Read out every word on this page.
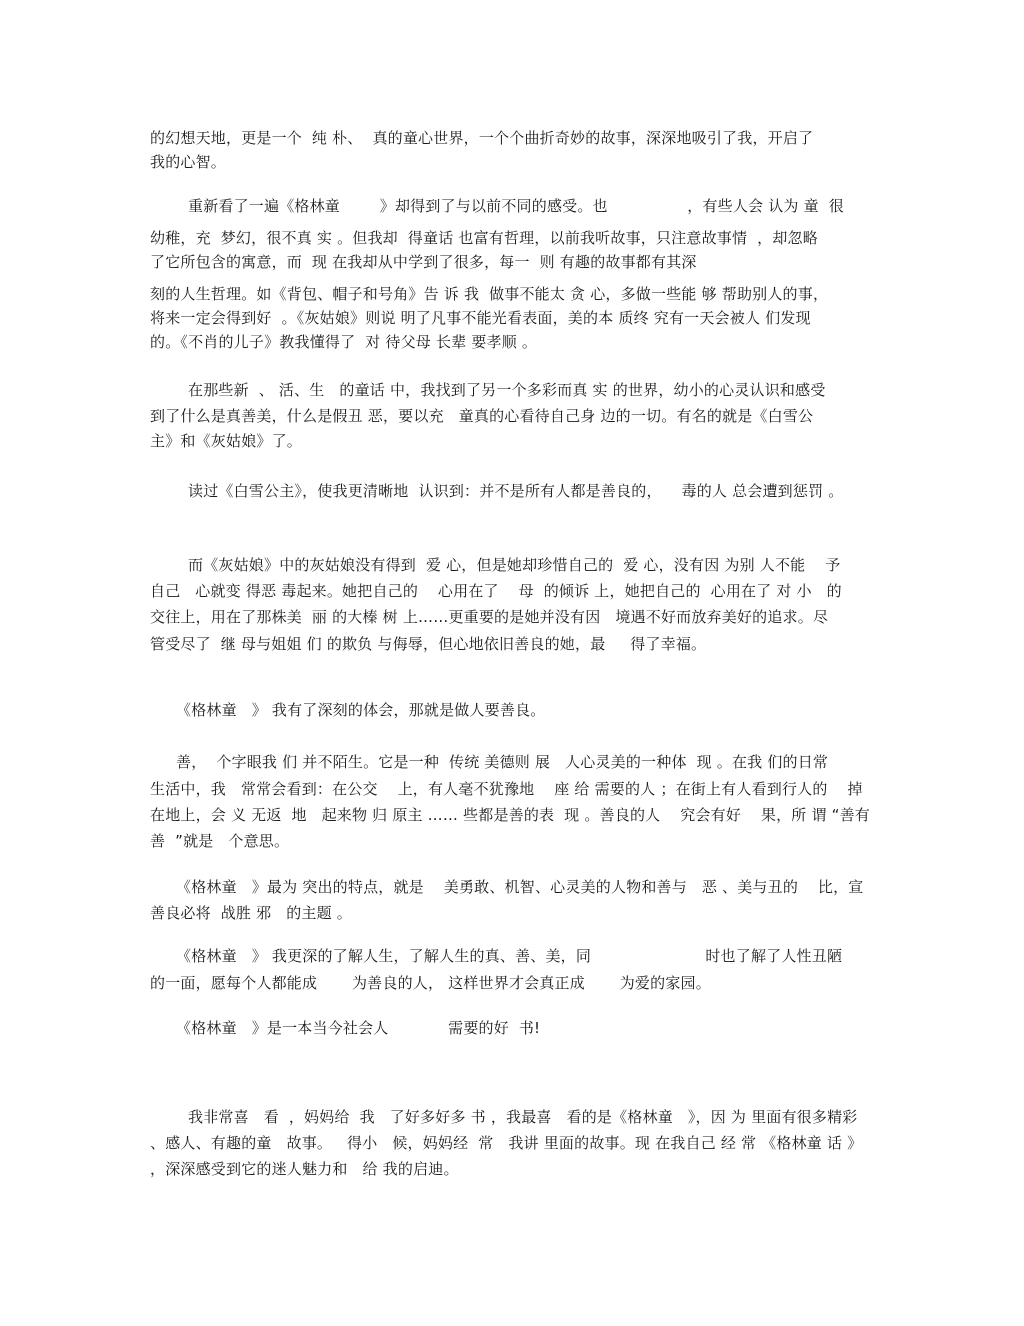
的幻想天地，更是一个  纯 朴、  真的童心世界，一个个曲折奇妙的故事，深深地吸引了我，开启了

我的心智。

重新看了一遍《格林童        》却得到了与以前不同的感受。也                ，有些人会 认为 童  很

幼稚，充  梦幻，很不真 实 。但我却  得童话 也富有哲理，以前我听故事，只注意故事情  ，却忽略

了它所包含的寓意，而  现 在我却从中学到了很多，每一  则 有趣的故事都有其深

刻的人生哲理。如《背包、帽子和号角》告 诉 我  做事不能太 贪 心，多做一些能 够 帮助别人的事，

将来一定会得到好  。《灰姑娘》则说 明了凡事不能光看表面，美的本 质终 究有一天会被人 们发现

的。《不肖的儿子》教我懂得了  对 待父母 长辈 要孝顺 。

在那些新  、 活、生   的童话 中，我找到了另一个多彩而真 实 的世界，幼小的心灵认识和感受

到了什么是真善美，什么是假丑 恶，要以充   童真的心看待自己身 边的一切。有名的就是《白雪公

主》和《灰姑娘》了。

读过《白雪公主》，使我更清晰地  认识到：并不是所有人都是善良的，    毒的人 总会遭到惩罚 。

而《灰姑娘》中的灰姑娘没有得到  爱 心，但是她却珍惜自己的  爱 心，没有因 为别 人不能    予

自己   心就变 得恶 毒起来。她把自己的    心用在了    母  的倾诉 上，她把自己的  心用在了 对 小   的

交往上，用在了那株美  丽 的大榛 树 上……更重要的是她并没有因   境遇不好而放弃美好的追求。尽

管受尽了  继 母与姐姐 们 的欺负 与侮辱，但心地依旧善良的她，最     得了幸福。

《格林童   》 我有了深刻的体会，那就是做人要善良。

善，  个字眼我 们 并不陌生。它是一种  传统 美德则 展   人心灵美的一种体  现 。在我 们的日常

生活中，我   常常会看到：在公交    上，有人毫不犹豫地    座 给 需要的人 ；在街上有人看到行人的    掉

在地上，会 义 无返  地   起来物 归 原主 …… 些都是善的表  现 。善良的人    究会有好    果，所 谓 “善有

善  ”就是   个意思。

《格林童   》最为 突出的特点，就是    美勇敢、机智、心灵美的人物和善与   恶 、美与丑的    比，宣

善良必将  战胜 邪   的主题 。

《格林童   》 我更深的了解人生，了解人生的真、善、美，同                       时也了解了人性丑陋

的一面，愿每个人都能成       为善良的人， 这样世界才会真正成       为爱的家园。

《格林童   》是一本当今社会人            需要的好  书!

我非常喜   看  ，妈妈给  我   了好多好多 书 ，我最喜   看的是《格林童   》，因 为 里面有很多精彩

、感人、有趣的童   故事。   得小   候，妈妈经  常   我讲 里面的故事。现 在我自己 经 常 《格林童 话 》

，深深感受到它的迷人魅力和   给 我的启迪。
